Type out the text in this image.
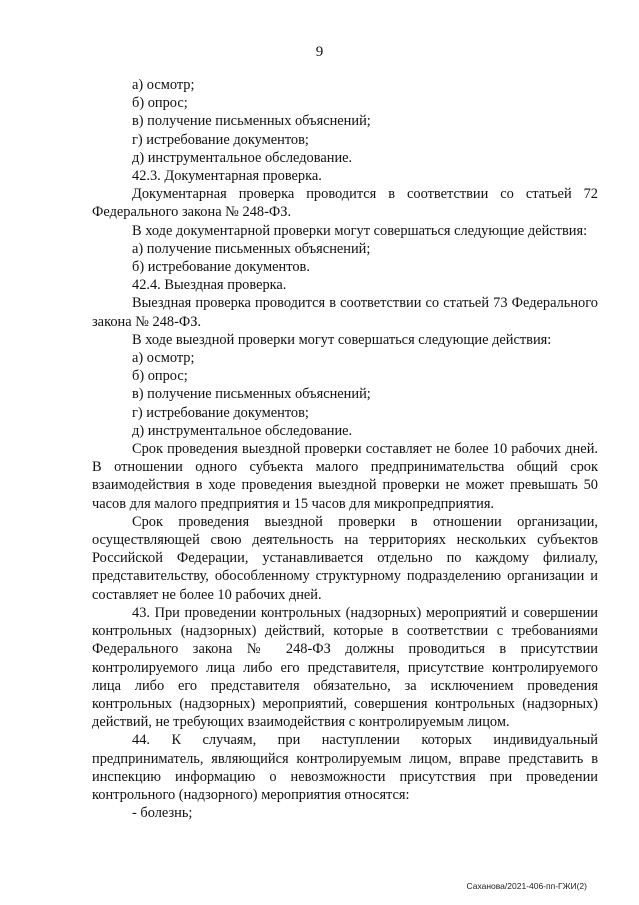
9

а) осмотр;

б) опрос;

в) получение письменных объяснений;

г) истребование документов;

д) инструментальное обследование.

42.3. Документарная проверка.

Документарная проверка проводится в соответствии со статьей 72 Федерального закона № 248-ФЗ.

В ходе документарной проверки могут совершаться следующие действия:

а) получение письменных объяснений;

б) истребование документов.

42.4. Выездная проверка.

Выездная проверка проводится в соответствии со статьей 73 Федерального закона № 248-ФЗ.

В ходе выездной проверки могут совершаться следующие действия:

а) осмотр;

б) опрос;

в) получение письменных объяснений;

г) истребование документов;

д) инструментальное обследование.

Срок проведения выездной проверки составляет не более 10 рабочих дней. В отношении одного субъекта малого предпринимательства общий срок взаимодействия в ходе проведения выездной проверки не может превышать 50 часов для малого предприятия и 15 часов для микропредприятия.

Срок проведения выездной проверки в отношении организации, осуществляющей свою деятельность на территориях нескольких субъектов Российской Федерации, устанавливается отдельно по каждому филиалу, представительству, обособленному структурному подразделению организации и составляет не более 10 рабочих дней.

43. При проведении контрольных (надзорных) мероприятий и совершении контрольных (надзорных) действий, которые в соответствии с требованиями Федерального закона № 248-ФЗ должны проводиться в присутствии контролируемого лица либо его представителя, присутствие контролируемого лица либо его представителя обязательно, за исключением проведения контрольных (надзорных) мероприятий, совершения контрольных (надзорных) действий, не требующих взаимодействия с контролируемым лицом.

44. К случаям, при наступлении которых индивидуальный предприниматель, являющийся контролируемым лицом, вправе представить в инспекцию информацию о невозможности присутствия при проведении контрольного (надзорного) мероприятия относятся:

- болезнь;

Саханова/2021-406-пп-ГЖИ(2)
